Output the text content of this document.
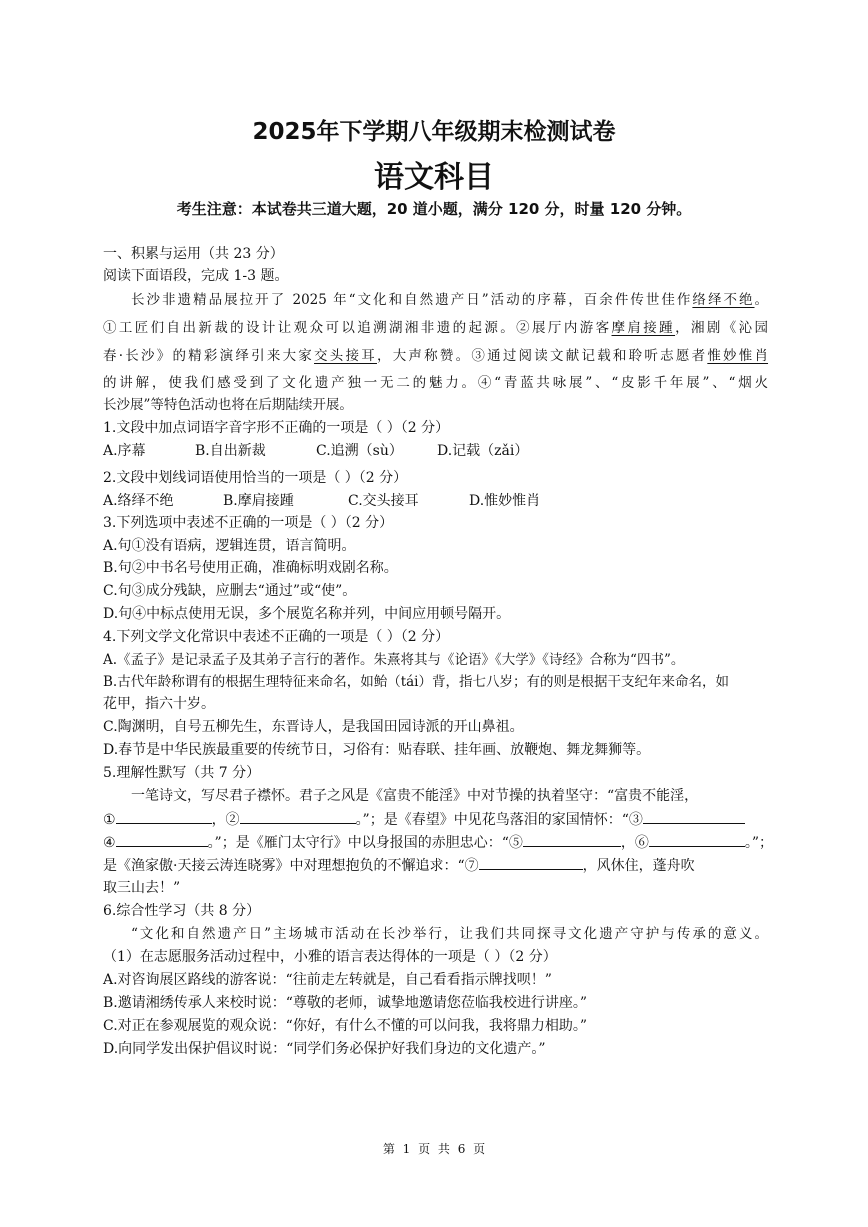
2025年下学期八年级期末检测试卷
语文科目
考生注意：本试卷共三道大题，20 道小题，满分 120 分，时量 120 分钟。
一、积累与运用（共 23 分）
阅读下面语段，完成 1-3 题。
长沙非遗精品展拉开了 2025 年“文化和自然遗产日”活动的序幕，百余件传世佳作络绎不绝。
①工匠们自出新裁的设计让观众可以追溯湖湘非遗的起源。②展厅内游客摩肩接踵，湘剧《沁园
春·长沙》的精彩演绎引来大家交头接耳，大声称赞。③通过阅读文献记载和聆听志愿者惟妙惟肖
的讲解，使我们感受到了文化遗产独一无二的魅力。④“青蓝共咏展”、“皮影千年展”、“烟火
长沙展”等特色活动也将在后期陆续开展。
1.文段中加点词语字音字形不正确的一项是（ ）（2 分）
A.序幕	B.自出新裁	C.追溯（sù） D.记载（zǎi）
2.文段中划线词语使用恰当的一项是（ ）（2 分）
A.络绎不绝	B.摩肩接踵	C.交头接耳	D.惟妙惟肖
3.下列选项中表述不正确的一项是（ ）（2 分）
A.句①没有语病，逻辑连贯，语言简明。
B.句②中书名号使用正确，准确标明戏剧名称。
C.句③成分残缺，应删去“通过”或“使”。
D.句④中标点使用无误，多个展览名称并列，中间应用顿号隔开。
4.下列文学文化常识中表述不正确的一项是（ ）（2 分）
A.《孟子》是记录孟子及其弟子言行的著作。朱熹将其与《论语》《大学》《诗经》合称为“四书”。
B.古代年龄称谓有的根据生理特征来命名，如鲐（tái）背，指七八岁；有的则是根据干支纪年来命名，如
花甲，指六十岁。
C.陶渊明，自号五柳先生，东晋诗人，是我国田园诗派的开山鼻祖。
D.春节是中华民族最重要的传统节日，习俗有：贴春联、挂年画、放鞭炮、舞龙舞狮等。
5.理解性默写（共 7 分）
一笔诗文，写尽君子襟怀。君子之风是《富贵不能淫》中对节操的执着坚守：“富贵不能淫，
①	，②	。”；是《春望》中见花鸟落泪的家国情怀：“③
④	。”；是《雁门太守行》中以身报国的赤胆忠心：“⑤	，⑥	。”；
是《渔家傲·天接云涛连晓雾》中对理想抱负的不懈追求：“⑦	，风休住，蓬舟吹
取三山去！”
6.综合性学习（共 8 分）
“文化和自然遗产日”主场城市活动在长沙举行，让我们共同探寻文化遗产守护与传承的意义。
（1）在志愿服务活动过程中，小雅的语言表达得体的一项是（ ）（2 分）
A.对咨询展区路线的游客说：“往前走左转就是，自己看看指示牌找呗！”
B.邀请湘绣传承人来校时说：“尊敬的老师，诚挚地邀请您莅临我校进行讲座。”
C.对正在参观展览的观众说：“你好，有什么不懂的可以问我，我将鼎力相助。”
D.向同学发出保护倡议时说：“同学们务必保护好我们身边的文化遗产。”
第 1 页 共 6 页
